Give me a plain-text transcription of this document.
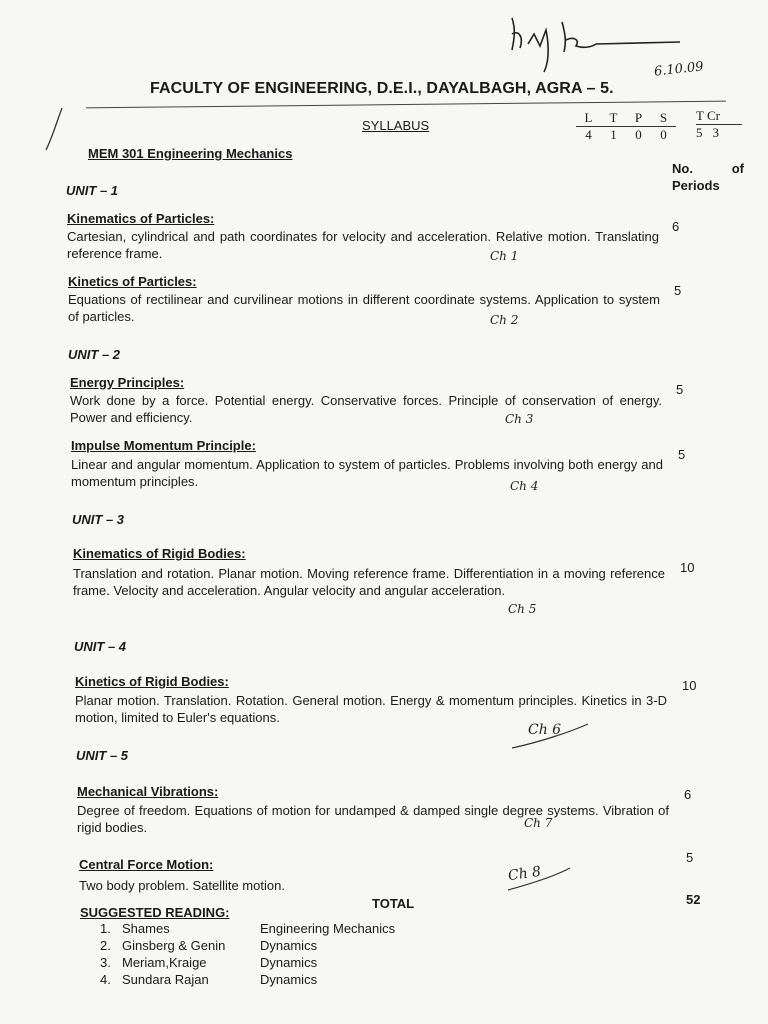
6.10.09
FACULTY OF ENGINEERING, D.E.I., DAYALBAGH, AGRA – 5.
SYLLABUS
L	T	P	S
4	1	0	0
T Cr
5 3
MEM 301 Engineering Mechanics
No.	of
Periods
UNIT – 1
Kinematics of Particles:
Cartesian, cylindrical and path coordinates for velocity and acceleration. Relative motion. Translating reference frame.
6
Ch 1
Kinetics of Particles:
Equations of rectilinear and curvilinear motions in different coordinate systems. Application to system of particles.
5
Ch 2
UNIT – 2
Energy Principles:
Work done by a force. Potential energy. Conservative forces. Principle of conservation of energy. Power and efficiency.
5
Ch 3
Impulse Momentum Principle:
Linear and angular momentum. Application to system of particles. Problems involving both energy and momentum principles.
5
Ch 4
UNIT – 3
Kinematics of Rigid Bodies:
Translation and rotation. Planar motion. Moving reference frame. Differentiation in a moving reference frame. Velocity and acceleration. Angular velocity and angular acceleration.
10
Ch 5
UNIT – 4
Kinetics of Rigid Bodies:
Planar motion. Translation. Rotation. General motion. Energy & momentum principles. Kinetics in 3-D motion, limited to Euler's equations.
10
Ch 6
UNIT – 5
Mechanical Vibrations:
Degree of freedom. Equations of motion for undamped & damped single degree systems. Vibration of rigid bodies.
6
Ch 7
Central Force Motion:
Two body problem. Satellite motion.
5
Ch 8
TOTAL	52
SUGGESTED READING:
1. Shames	Engineering Mechanics
2. Ginsberg & Genin	Dynamics
3. Meriam,Kraige	Dynamics
4. Sundara Rajan	Dynamics
